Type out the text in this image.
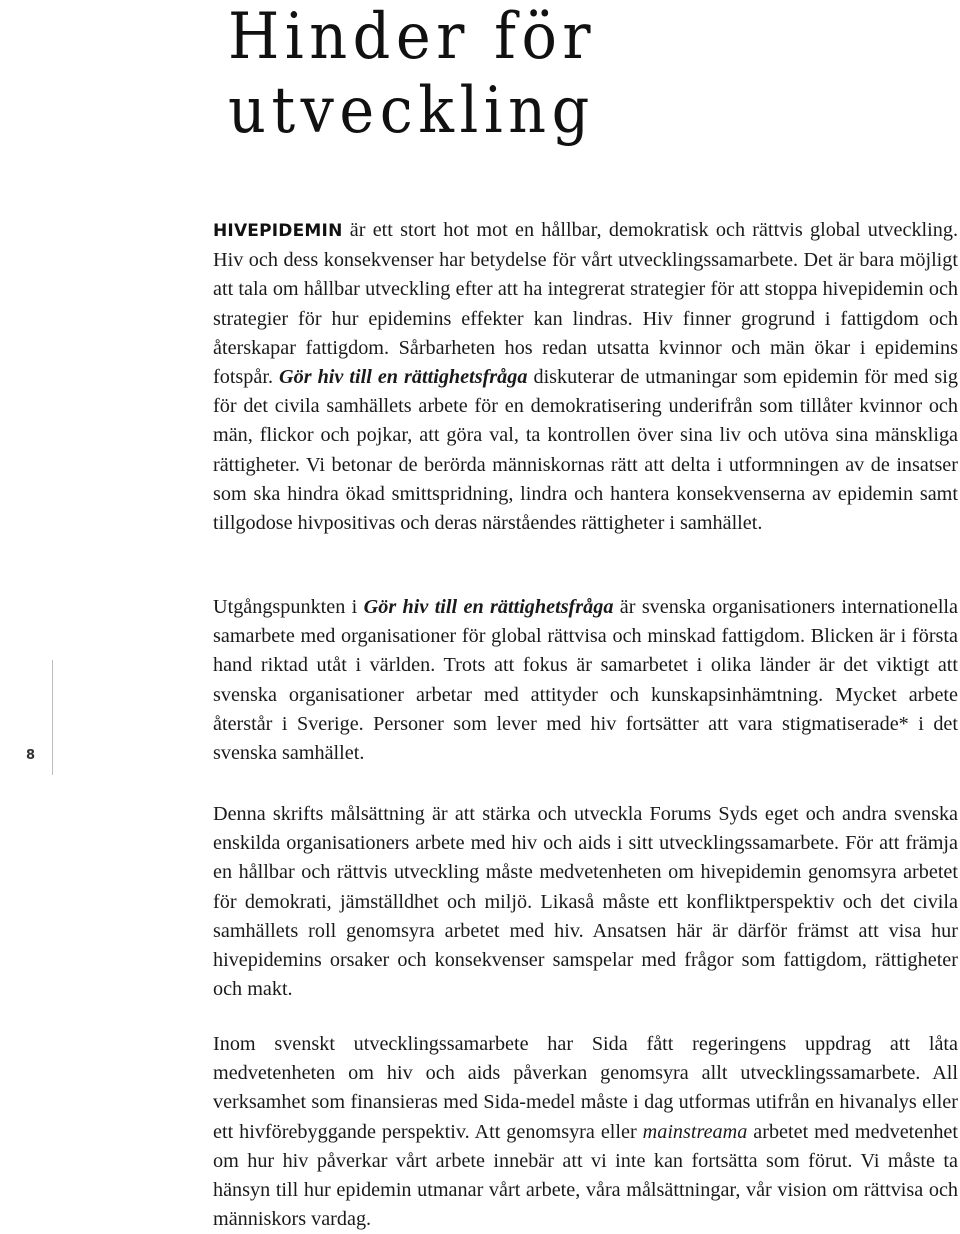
Hinder för utveckling
HIVEPIDEMIN är ett stort hot mot en hållbar, demokratisk och rättvis global utveckling. Hiv och dess konsekvenser har betydelse för vårt utvecklingssamarbete. Det är bara möjligt att tala om hållbar utveckling efter att ha integrerat strategier för att stoppa hivepidemin och strategier för hur epidemins effekter kan lindras. Hiv finner grogrund i fattigdom och återskapar fattigdom. Sårbarheten hos redan utsatta kvinnor och män ökar i epidemins fotspår. Gör hiv till en rättighetsfråga diskuterar de utmaningar som epidemin för med sig för det civila samhällets arbete för en demokratisering underifrån som tillåter kvinnor och män, flickor och pojkar, att göra val, ta kontrollen över sina liv och utöva sina mänskliga rättigheter. Vi betonar de berörda människornas rätt att delta i utformningen av de insatser som ska hindra ökad smittspridning, lindra och hantera konsekvenserna av epidemin samt tillgodose hivpositivas och deras närståendes rättigheter i samhället.
Utgångspunkten i Gör hiv till en rättighetsfråga är svenska organisationers internationella samarbete med organisationer för global rättvisa och minskad fattigdom. Blicken är i första hand riktad utåt i världen. Trots att fokus är samarbetet i olika länder är det viktigt att svenska organisationer arbetar med attityder och kunskapsinhämtning. Mycket arbete återstår i Sverige. Personer som lever med hiv fortsätter att vara stigmatiserade* i det svenska samhället.
Denna skrifts målsättning är att stärka och utveckla Forums Syds eget och andra svenska enskilda organisationers arbete med hiv och aids i sitt utvecklingssamarbete. För att främja en hållbar och rättvis utveckling måste medvetenheten om hivepidemin genomsyra arbetet för demokrati, jämställdhet och miljö. Likaså måste ett konfliktperspektiv och det civila samhällets roll genomsyra arbetet med hiv. Ansatsen här är därför främst att visa hur hivepidemins orsaker och konsekvenser samspelar med frågor som fattigdom, rättigheter och makt.
Inom svenskt utvecklingssamarbete har Sida fått regeringens uppdrag att låta medvetenheten om hiv och aids påverkan genomsyra allt utvecklingssamarbete. All verksamhet som finansieras med Sida-medel måste i dag utformas utifrån en hivanalys eller ett hivförebyggande perspektiv. Att genomsyra eller mainstreama arbetet med medvetenhet om hur hiv påverkar vårt arbete innebär att vi inte kan fortsätta som förut. Vi måste ta hänsyn till hur epidemin utmanar vårt arbete, våra målsättningar, vår vision om rättvisa och människors vardag.
8
